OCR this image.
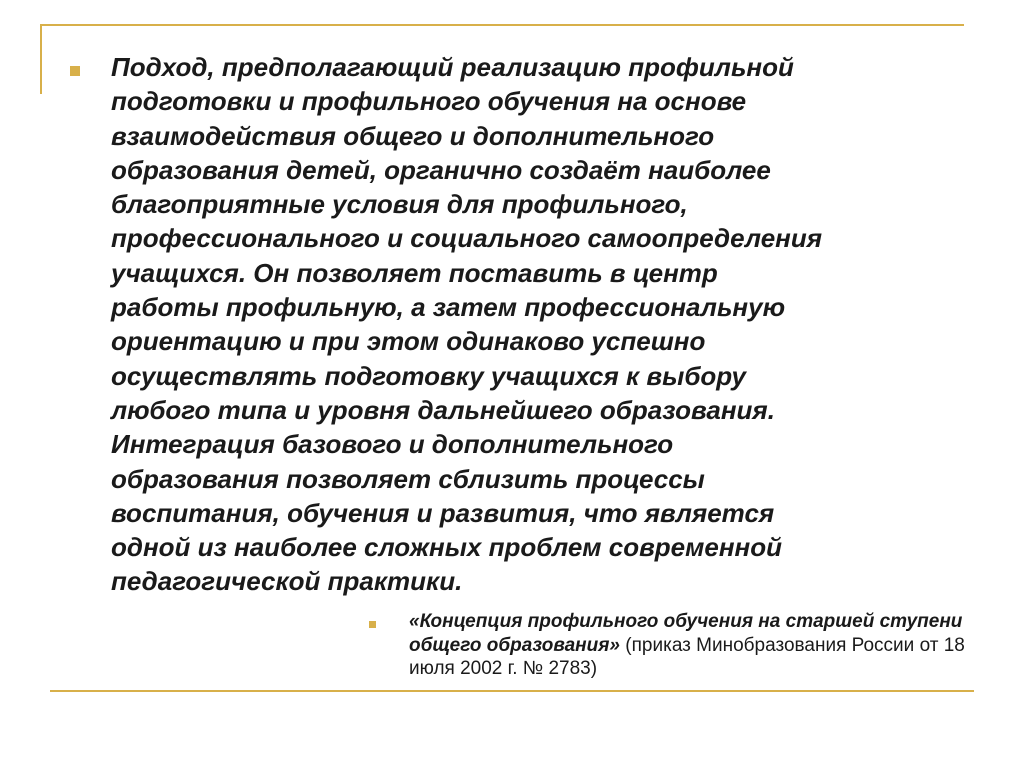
Подход, предполагающий реализацию профильной
подготовки и профильного обучения на основе
взаимодействия общего и дополнительного
образования детей, органично создаёт наиболее
благоприятные условия для профильного,
профессионального и социального самоопределения
учащихся. Он позволяет поставить в центр
работы профильную, а затем профессиональную
ориентацию и при этом одинаково успешно
осуществлять подготовку учащихся к выбору
любого типа и уровня дальнейшего образования.
Интеграция базового и дополнительного
образования позволяет сблизить процессы
воспитания, обучения и развития, что является
одной из наиболее сложных проблем современной
педагогической практики.

«Концепция профильного обучения на старшей ступени общего образования» (приказ Минобразования России от 18 июля 2002 г. № 2783)
